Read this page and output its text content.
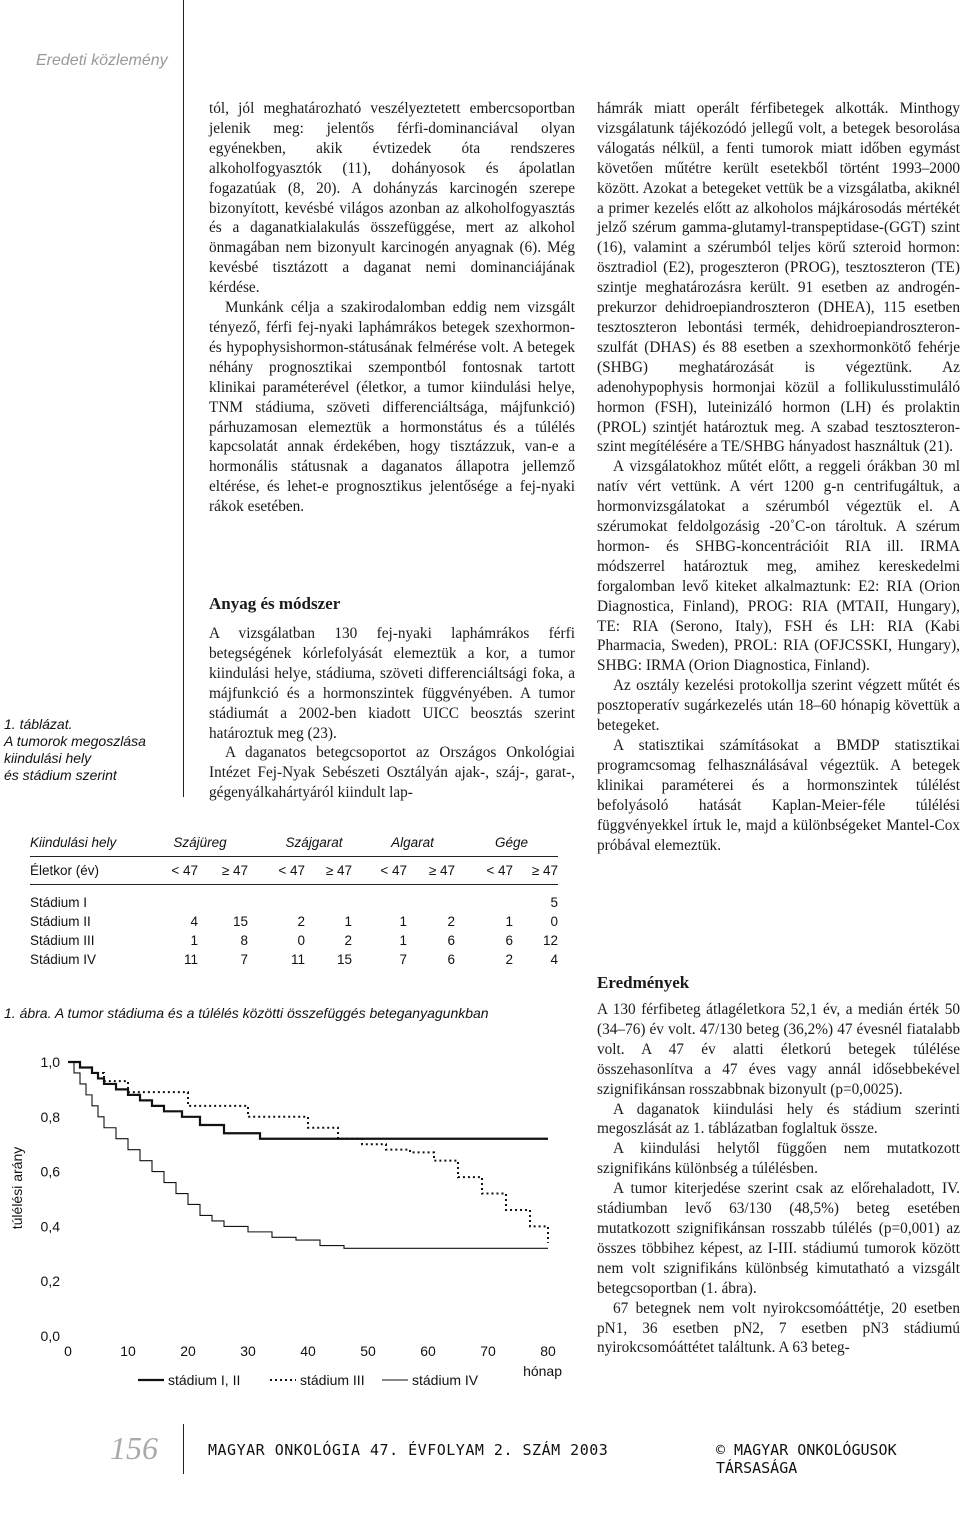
Eredeti közlemény

tól, jól meghatározható veszélyeztetett embercsoportban jelenik meg: jelentős férfi-dominanciával olyan egyénekben, akik évtizedek óta rendszeres alkoholfogyasztók (11), dohányosok és ápolatlan fogazatúak (8, 20). A dohányzás karcinogén szerepe bizonyított, kevésbé világos azonban az alkoholfogyasztás és a daganatkialakulás összefüggése, mert az alkohol önmagában nem bizonyult karcinogén anyagnak (6). Még kevésbé tisztázott a daganat nemi dominanciájának kérdése.

Munkánk célja a szakirodalomban eddig nem vizsgált tényező, férfi fej-nyaki laphámrákos betegek szexhormon- és hypophysishormon-státusának felmérése volt. A betegek néhány prognosztikai szempontból fontosnak tartott klinikai paraméterével (életkor, a tumor kiindulási helye, TNM stádiuma, szöveti differenciáltsága, májfunkció) párhuzamosan elemeztük a hormonstátus és a túlélés kapcsolatát annak érdekében, hogy tisztázzuk, van-e a hormonális státusnak a daganatos állapotra jellemző eltérése, és lehet-e prognosztikus jelentősége a fej-nyaki rákok esetében.

Anyag és módszer

A vizsgálatban 130 fej-nyaki laphámrákos férfi betegségének kórlefolyását elemeztük a kor, a tumor kiindulási helye, stádiuma, szöveti differenciáltsági foka, a májfunkció és a hormonszintek függvényében. A tumor stádiumát a 2002-ben kiadott UICC beosztás szerint határoztuk meg (23).

A daganatos betegcsoportot az Országos Onkológiai Intézet Fej-Nyak Sebészeti Osztályán ajak-, száj-, garat-, gégenyálkahártyáról kiindult lap-

hámrák miatt operált férfibetegek alkották. Minthogy vizsgálatunk tájékozódó jellegű volt, a betegek besorolása válogatás nélkül, a fenti tumorok miatt időben egymást követően műtétre került esetekből történt 1993–2000 között. Azokat a betegeket vettük be a vizsgálatba, akiknél a primer kezelés előtt az alkoholos májkárosodás mértékét jelző szérum gamma-glutamyl-transpeptidase-(GGT) szint (16), valamint a szérumból teljes körű szteroid hormon: ösztradiol (E2), progeszteron (PROG), tesztoszteron (TE) szintje meghatározásra került. 91 esetben az androgén-prekurzor dehidroepiandroszteron (DHEA), 115 esetben tesztoszteron lebontási termék, dehidroepiandroszteron-szulfát (DHAS) és 88 esetben a szexhormonkötő fehérje (SHBG) meghatározását is végeztünk. Az adenohypophysis hormonjai közül a follikulusstimuláló hormon (FSH), luteinizáló hormon (LH) és prolaktin (PROL) szintjét határoztuk meg. A szabad tesztoszteron-szint megítélésére a TE/SHBG hányadost használtuk (21).

A vizsgálatokhoz műtét előtt, a reggeli órákban 30 ml natív vért vettünk. A vért 1200 g-n centrifugáltuk, a hormonvizsgálatokat a szérumból végeztük el. A szérumokat feldolgozásig -20˚C-on tároltuk. A szérum hormon- és SHBG-koncentrációit RIA ill. IRMA módszerrel határoztuk meg, amihez kereskedelmi forgalomban levő kiteket alkalmaztunk: E2: RIA (Orion Diagnostica, Finland), PROG: RIA (MTAII, Hungary), TE: RIA (Serono, Italy), FSH és LH: RIA (Kabi Pharmacia, Sweden), PROL: RIA (OFJCSSKI, Hungary), SHBG: IRMA (Orion Diagnostica, Finland).

Az osztály kezelési protokollja szerint végzett műtét és posztoperatív sugárkezelés után 18–60 hónapig követtük a betegeket.

A statisztikai számításokat a BMDP statisztikai programcsomag felhasználásával végeztük. A betegek klinikai paraméterei és a hormonszintek túlélést befolyásoló hatását Kaplan-Meier-féle túlélési függvényekkel írtuk le, majd a különbségeket Mantel-Cox próbával elemeztük.

Eredmények

A 130 férfibeteg átlagéletkora 52,1 év, a medián érték 50 (34–76) év volt. 47/130 beteg (36,2%) 47 évesnél fiatalabb volt. A 47 év alatti életkorú betegek túlélése összehasonlítva a 47 éves vagy annál idősebbekével szignifikánsan rosszabbnak bizonyult (p=0,0025).

A daganatok kiindulási hely és stádium szerinti megoszlását az 1. táblázatban foglaltuk össze.

A kiindulási helytől függően nem mutatkozott szignifikáns különbség a túlélésben.

A tumor kiterjedése szerint csak az előrehaladott, IV. stádiumban levő 63/130 (48,5%) beteg esetében mutatkozott szignifikánsan rosszabb túlélés (p=0,001) az összes többihez képest, az I-III. stádiumú tumorok között nem volt szignifikáns különbség kimutatható a vizsgált betegcsoportban (1. ábra).

67 betegnek nem volt nyirokcsomóáttétje, 20 esetben pN1, 36 esetben pN2, 7 esetben pN3 stádiumú nyirokcsomóáttétet találtunk. A 63 beteg-

1. táblázat.
A tumorok megoszlása
kiindulási hely
és stádium szerint
Kiindulási hely	Szájüreg		Szájgarat		Algarat		Gége	

Életkor (év)	< 47	≥ 47	< 47	≥ 47	< 47	≥ 47	< 47	≥ 47

Stádium I								5
Stádium II	4	15	2	1	1	2	1	0
Stádium III	1	8	0	2	1	6	6	12
Stádium IV	11	7	11	15	7	6	2	4
1. ábra. A tumor stádiuma és a túlélés közötti összefüggés beteganyagunkban
0,0
0,2
0,4
0,6
0,8
1,0
0	10	20	30	40	50	60	70	80
hónap
túlélési arány
stádium I, II	stádium III	stádium IV
156	MAGYAR ONKOLÓGIA 47. ÉVFOLYAM 2. SZÁM 2003	© MAGYAR ONKOLÓGUSOK TÁRSASÁGA
